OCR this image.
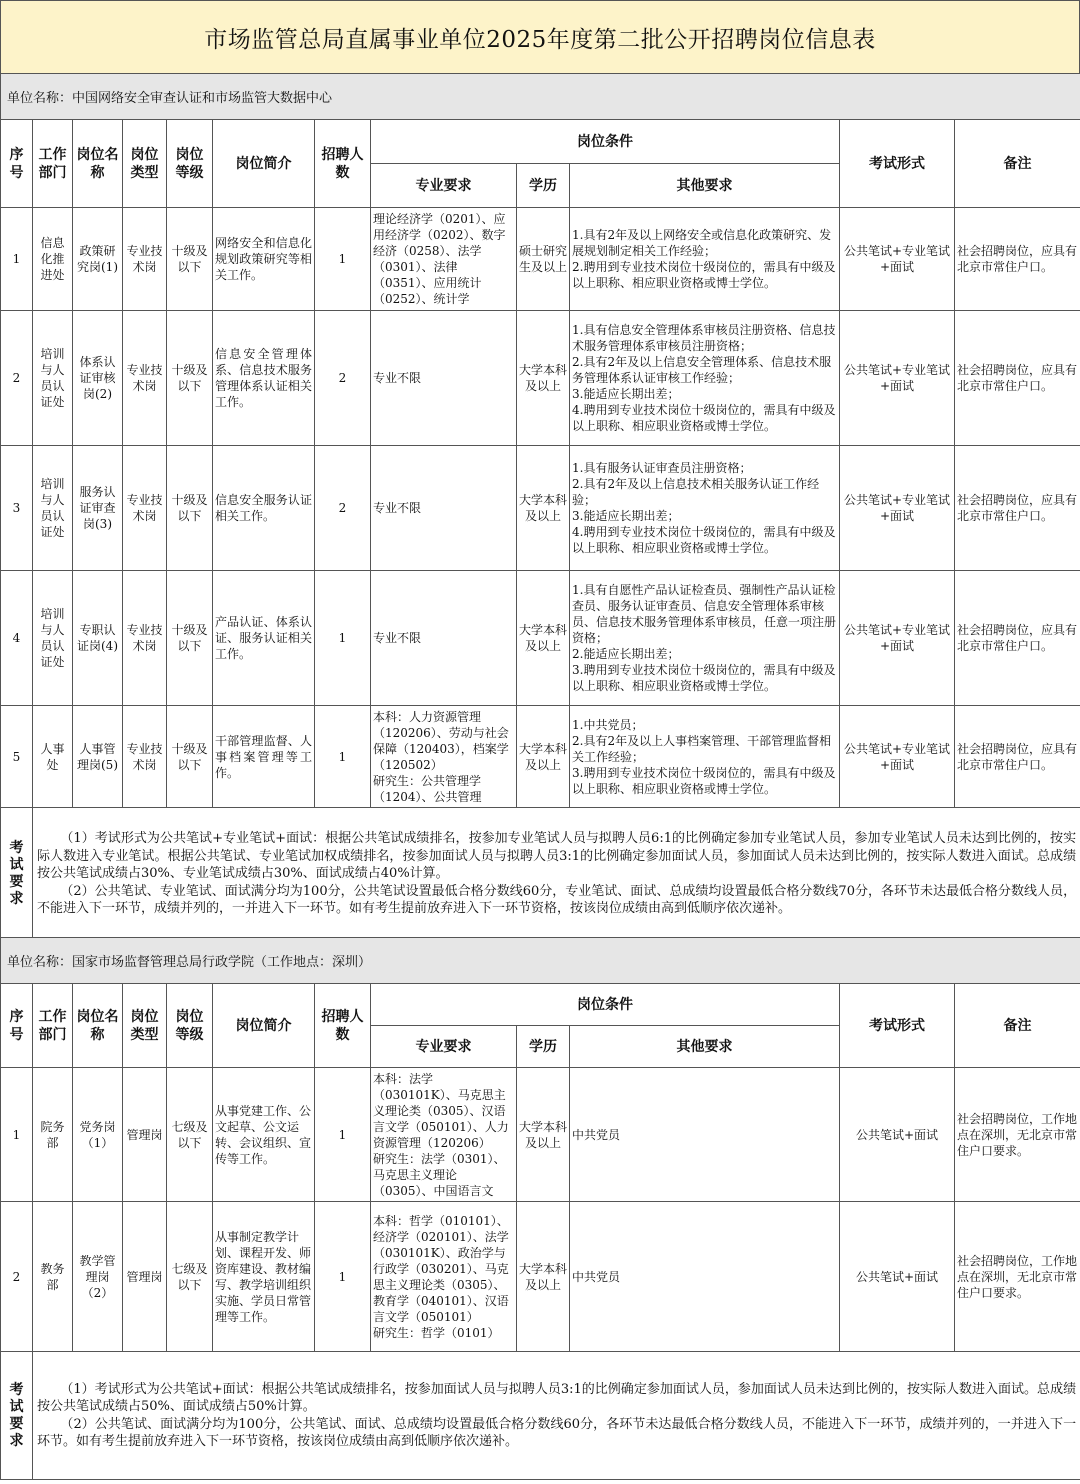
市场监管总局直属事业单位2025年度第二批公开招聘岗位信息表
单位名称：中国网络安全审查认证和市场监管大数据中心											
序号	工作部门	岗位名称	岗位类型	岗位等级	岗位简介	招聘人数	岗位条件			考试形式	备注
							专业要求	学历	其他要求		
1	信息化推进处	政策研究岗(1)	专业技术岗	十级及以下	网络安全和信息化规划政策研究等相关工作。	1	理论经济学（0201）、应用经济学（0202）、数字经济（0258）、法学（0301）、法律（0351）、应用统计（0252）、统计学	硕士研究生及以上	1.具有2年及以上网络安全或信息化政策研究、发展规划制定相关工作经验；
2.聘用到专业技术岗位十级岗位的，需具有中级及以上职称、相应职业资格或博士学位。	公共笔试+专业笔试+面试	社会招聘岗位，应具有北京市常住户口。
2	培训与人员认证处	体系认证审核岗(2)	专业技术岗	十级及以下	信息安全管理体系、信息技术服务管理体系认证相关工作。	2	专业不限	大学本科及以上	1.具有信息安全管理体系审核员注册资格、信息技术服务管理体系审核员注册资格；
2.具有2年及以上信息安全管理体系、信息技术服务管理体系认证审核工作经验；
3.能适应长期出差；
4.聘用到专业技术岗位十级岗位的，需具有中级及以上职称、相应职业资格或博士学位。	公共笔试+专业笔试+面试	社会招聘岗位，应具有北京市常住户口。
3	培训与人员认证处	服务认证审查岗(3)	专业技术岗	十级及以下	信息安全服务认证相关工作。	2	专业不限	大学本科及以上	1.具有服务认证审查员注册资格；
2.具有2年及以上信息技术相关服务认证工作经验；
3.能适应长期出差；
4.聘用到专业技术岗位十级岗位的，需具有中级及以上职称、相应职业资格或博士学位。	公共笔试+专业笔试+面试	社会招聘岗位，应具有北京市常住户口。
4	培训与人员认证处	专职认证岗(4)	专业技术岗	十级及以下	产品认证、体系认证、服务认证相关工作。	1	专业不限	大学本科及以上	1.具有自愿性产品认证检查员、强制性产品认证检查员、服务认证审查员、信息安全管理体系审核员、信息技术服务管理体系审核员，任意一项注册资格；
2.能适应长期出差；
3.聘用到专业技术岗位十级岗位的，需具有中级及以上职称、相应职业资格或博士学位。	公共笔试+专业笔试+面试	社会招聘岗位，应具有北京市常住户口。
5	人事处	人事管理岗(5)	专业技术岗	十级及以下	干部管理监督、人事档案管理等工作。	1	本科：人力资源管理（120206）、劳动与社会保障（120403），档案学（120502）
研究生：公共管理学（1204）、公共管理	大学本科及以上	1.中共党员；
2.具有2年及以上人事档案管理、干部管理监督相关工作经验；
3.聘用到专业技术岗位十级岗位的，需具有中级及以上职称、相应职业资格或博士学位。	公共笔试+专业笔试+面试	社会招聘岗位，应具有北京市常住户口。
考试要求	（1）考试形式为公共笔试+专业笔试+面试：根据公共笔试成绩排名，按参加专业笔试人员与拟聘人员6:1的比例确定参加专业笔试人员，参加专业笔试人员未达到比例的，按实际人数进入专业笔试。根据公共笔试、专业笔试加权成绩排名，按参加面试人员与拟聘人员3:1的比例确定参加面试人员，参加面试人员未达到比例的，按实际人数进入面试。总成绩按公共笔试成绩占30%、专业笔试成绩占30%、面试成绩占40%计算。

（2）公共笔试、专业笔试、面试满分均为100分，公共笔试设置最低合格分数线60分，专业笔试、面试、总成绩均设置最低合格分数线70分，各环节未达最低合格分数线人员，不能进入下一环节，成绩并列的，一并进入下一环节。如有考生提前放弃进入下一环节资格，按该岗位成绩由高到低顺序依次递补。										

单位名称：国家市场监督管理总局行政学院（工作地点：深圳）											
序号	工作部门	岗位名称	岗位类型	岗位等级	岗位简介	招聘人数	岗位条件			考试形式	备注
							专业要求	学历	其他要求		
1	院务部	党务岗（1）	管理岗	七级及以下	从事党建工作、公文起草、公文运转、会议组织、宣传等工作。	1	本科：法学（030101K）、马克思主义理论类（0305）、汉语言文学（050101）、人力资源管理（120206）
研究生：法学（0301）、马克思主义理论（0305）、中国语言文	大学本科及以上	中共党员	公共笔试+面试	社会招聘岗位，工作地点在深圳，无北京市常住户口要求。
2	教务部	教学管理岗（2）	管理岗	七级及以下	从事制定教学计划、课程开发、师资库建设、教材编写、教学培训组织实施、学员日常管理等工作。	1	本科：哲学（010101）、经济学（020101）、法学（030101K）、政治学与行政学（030201）、马克思主义理论类（0305）、教育学（040101）、汉语言文学（050101）
研究生：哲学（0101）	大学本科及以上	中共党员	公共笔试+面试	社会招聘岗位，工作地点在深圳，无北京市常住户口要求。
考试要求	（1）考试形式为公共笔试+面试：根据公共笔试成绩排名，按参加面试人员与拟聘人员3:1的比例确定参加面试人员，参加面试人员未达到比例的，按实际人数进入面试。总成绩按公共笔试成绩占50%、面试成绩占50%计算。

（2）公共笔试、面试满分均为100分，公共笔试、面试、总成绩均设置最低合格分数线60分，各环节未达最低合格分数线人员，不能进入下一环节，成绩并列的，一并进入下一环节。如有考生提前放弃进入下一环节资格，按该岗位成绩由高到低顺序依次递补。										
